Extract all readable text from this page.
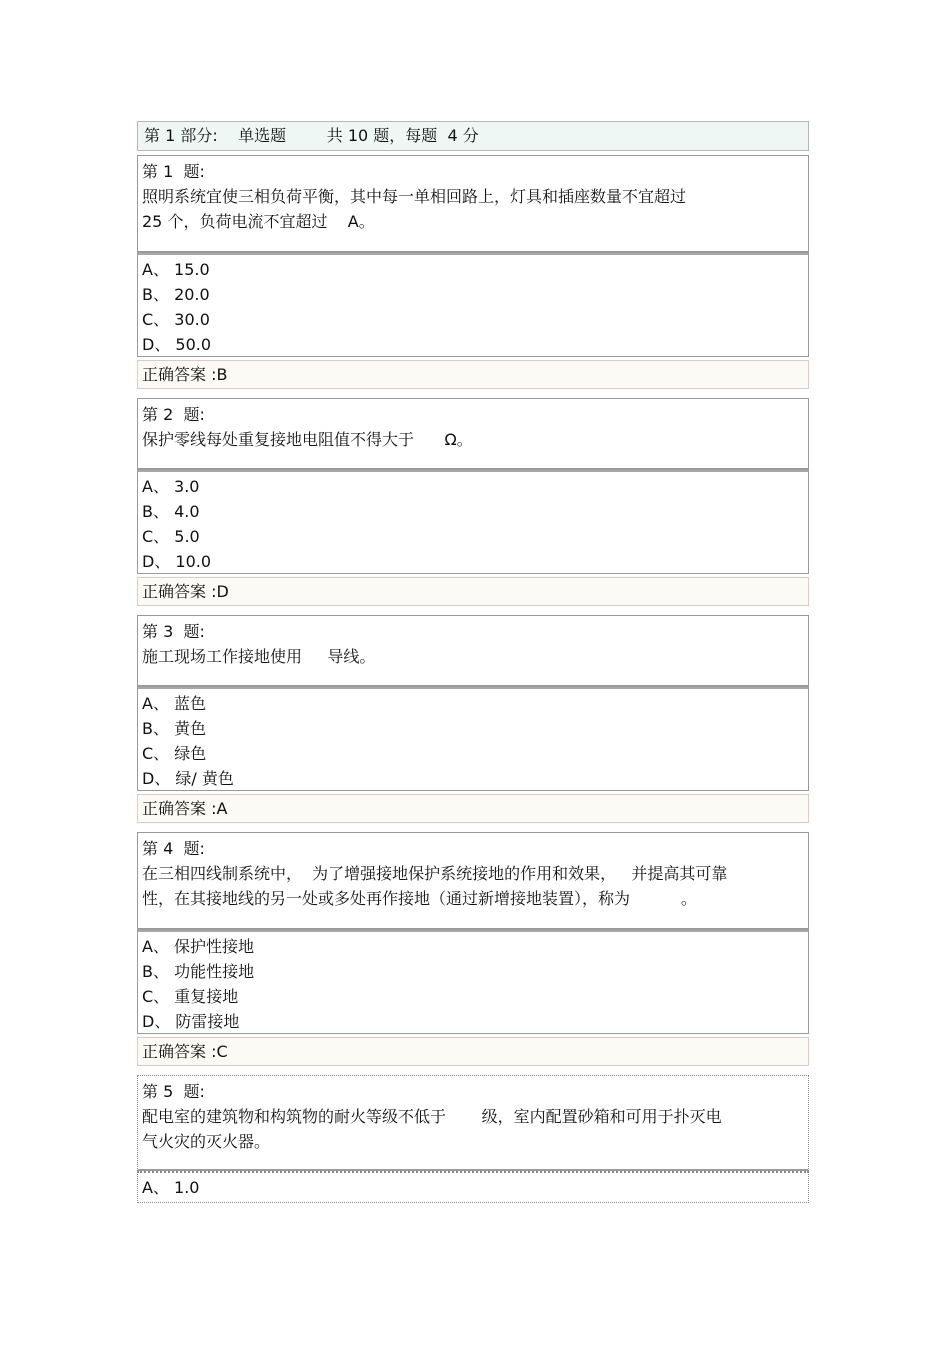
第 1 部分:    单选题        共 10 题，每题  4 分
第 1  题:
照明系统宜使三相负荷平衡，其中每一单相回路上，灯具和插座数量不宜超过
25 个，负荷电流不宜超过    A。
A、 15.0
B、 20.0
C、 30.0
D、 50.0
正确答案 :B
第 2  题:
保护零线每处重复接地电阻值不得大于      Ω。
A、 3.0
B、 4.0
C、 5.0
D、 10.0
正确答案 :D
第 3  题:
施工现场工作接地使用     导线。
A、 蓝色
B、 黄色
C、 绿色
D、 绿/ 黄色
正确答案 :A
第 4  题:
在三相四线制系统中，  为了增强接地保护系统接地的作用和效果，   并提高其可靠
性，在其接地线的另一处或多处再作接地（通过新增接地装置），称为          。
A、 保护性接地
B、 功能性接地
C、 重复接地
D、 防雷接地
正确答案 :C
第 5  题:
配电室的建筑物和构筑物的耐火等级不低于       级，室内配置砂箱和可用于扑灭电
气火灾的灭火器。
A、 1.0
